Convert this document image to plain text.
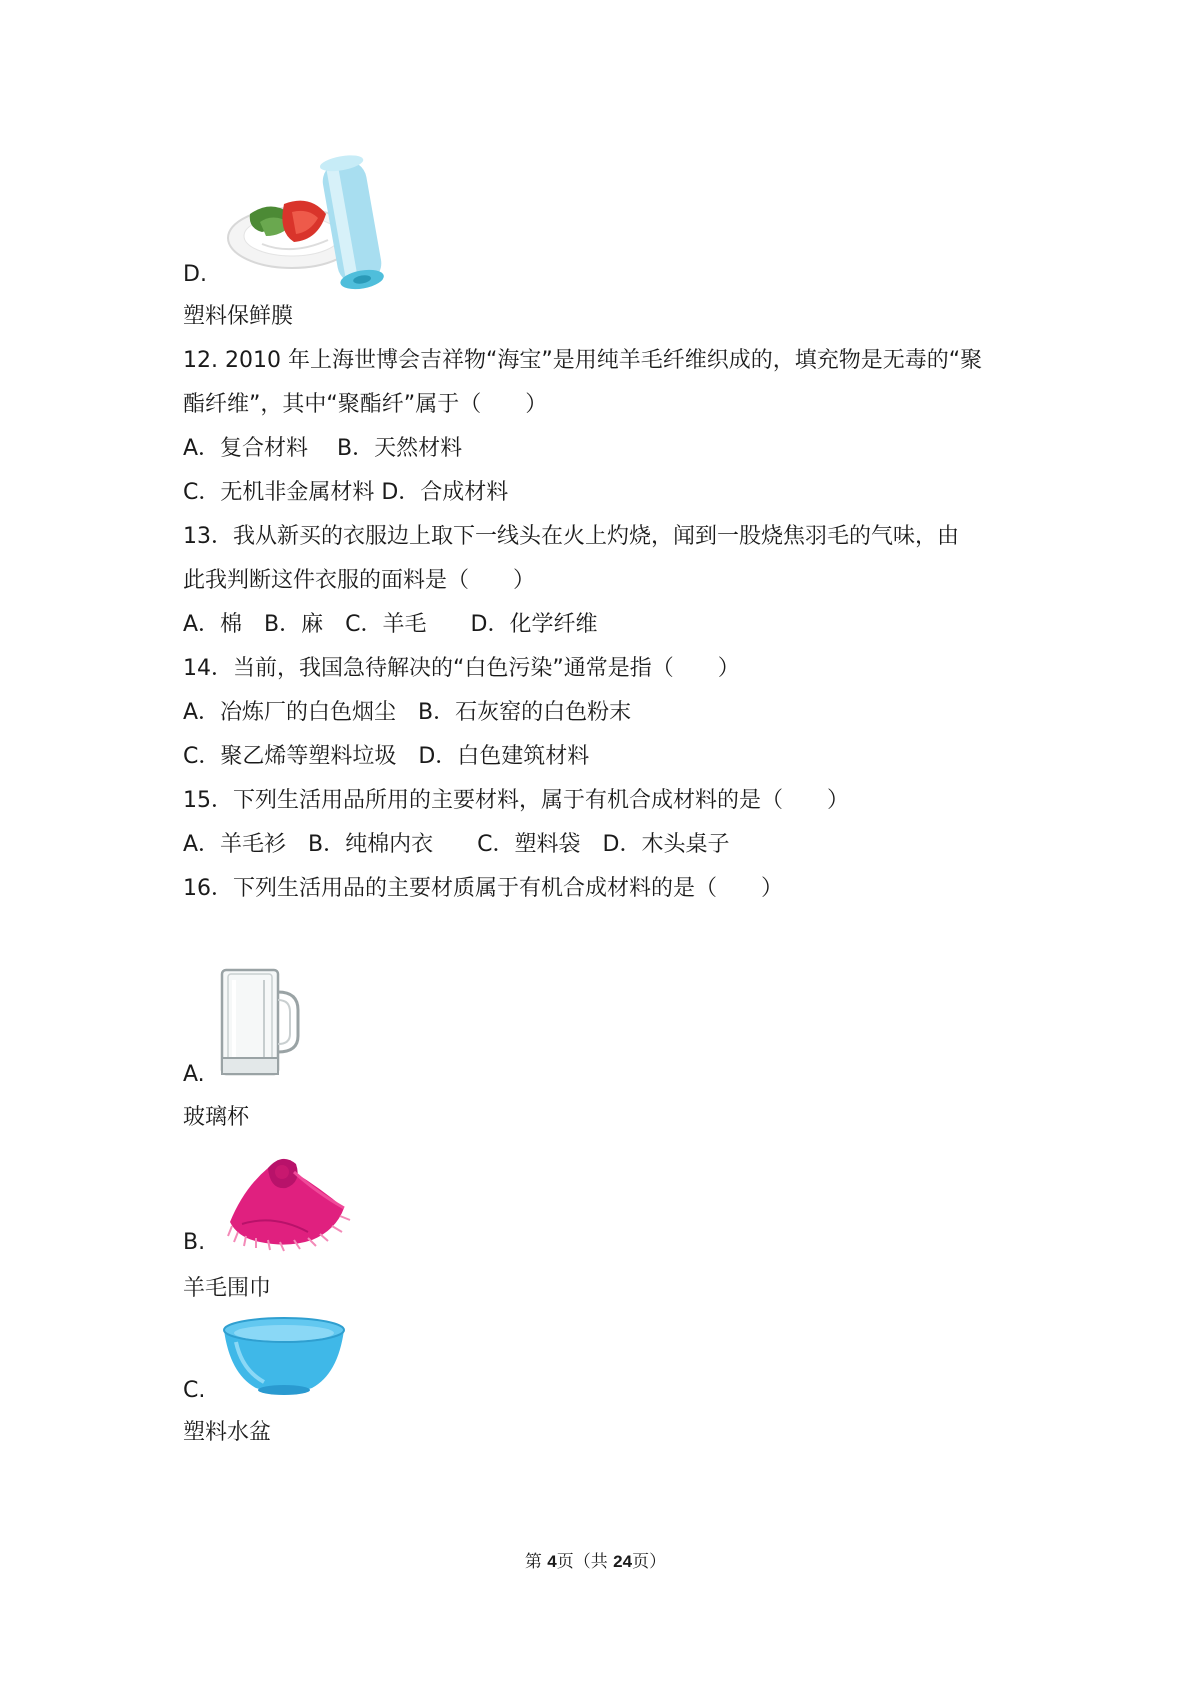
D.
塑料保鲜膜
12. 2010 年上海世博会吉祥物“海宝”是用纯羊毛纤维织成的，填充物是无毒的“聚
酯纤维”，其中“聚酯纤”属于（　　）
A．复合材料　 B．天然材料
C．无机非金属材料 D．合成材料
13．我从新买的衣服边上取下一线头在火上灼烧，闻到一股烧焦羽毛的气味，由
此我判断这件衣服的面料是（　　）
A．棉　B．麻　C．羊毛　　D．化学纤维
14．当前，我国急待解决的“白色污染”通常是指（　　）
A．冶炼厂的白色烟尘　B．石灰窑的白色粉末
C．聚乙烯等塑料垃圾　D．白色建筑材料
15．下列生活用品所用的主要材料，属于有机合成材料的是（　　）
A．羊毛衫　B．纯棉内衣　　C．塑料袋　D．木头桌子
16．下列生活用品的主要材质属于有机合成材料的是（　　）
A.
玻璃杯
B.
羊毛围巾
C.
塑料水盆
第 4页（共 24页）
